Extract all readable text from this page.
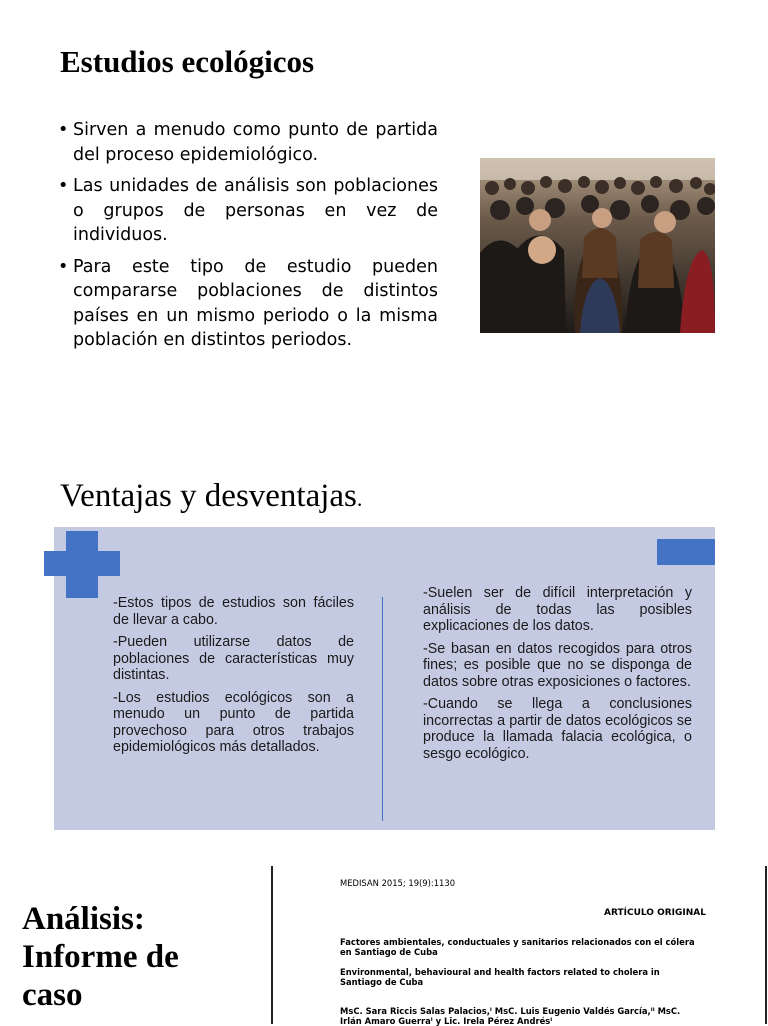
Estudios ecológicos
• Sirven a menudo como punto de partida del proceso epidemiológico.
• Las unidades de análisis son poblaciones o grupos de personas en vez de individuos.
• Para este tipo de estudio pueden compararse poblaciones de distintos países en un mismo periodo o la misma población en distintos periodos.
Ventajas y desventajas.

-Estos tipos de estudios son fáciles de llevar a cabo.

-Pueden utilizarse datos de poblaciones de características muy distintas.

-Los estudios ecológicos son a menudo un punto de partida provechoso para otros trabajos epidemiológicos más detallados.

-Suelen ser de difícil interpretación y análisis de todas las posibles explicaciones de los datos.

-Se basan en datos recogidos para otros fines; es posible que no se disponga de datos sobre otras exposiciones o factores.

-Cuando se llega a conclusiones incorrectas a partir de datos ecológicos se produce la llamada falacia ecológica, o sesgo ecológico.

Análisis:
Informe de
caso
MEDISAN 2015; 19(9):1130
ARTÍCULO ORIGINAL
Factores ambientales, conductuales y sanitarios relacionados con el cólera en Santiago de Cuba
Environmental, behavioural and health factors related to cholera in Santiago de Cuba
MsC. Sara Riccis Salas Palacios,ᴵ MsC. Luis Eugenio Valdés García,ᴵᴵ MsC. Irlán Amaro Guerraᴵ y Lic. Irela Pérez Andrésᴵ
